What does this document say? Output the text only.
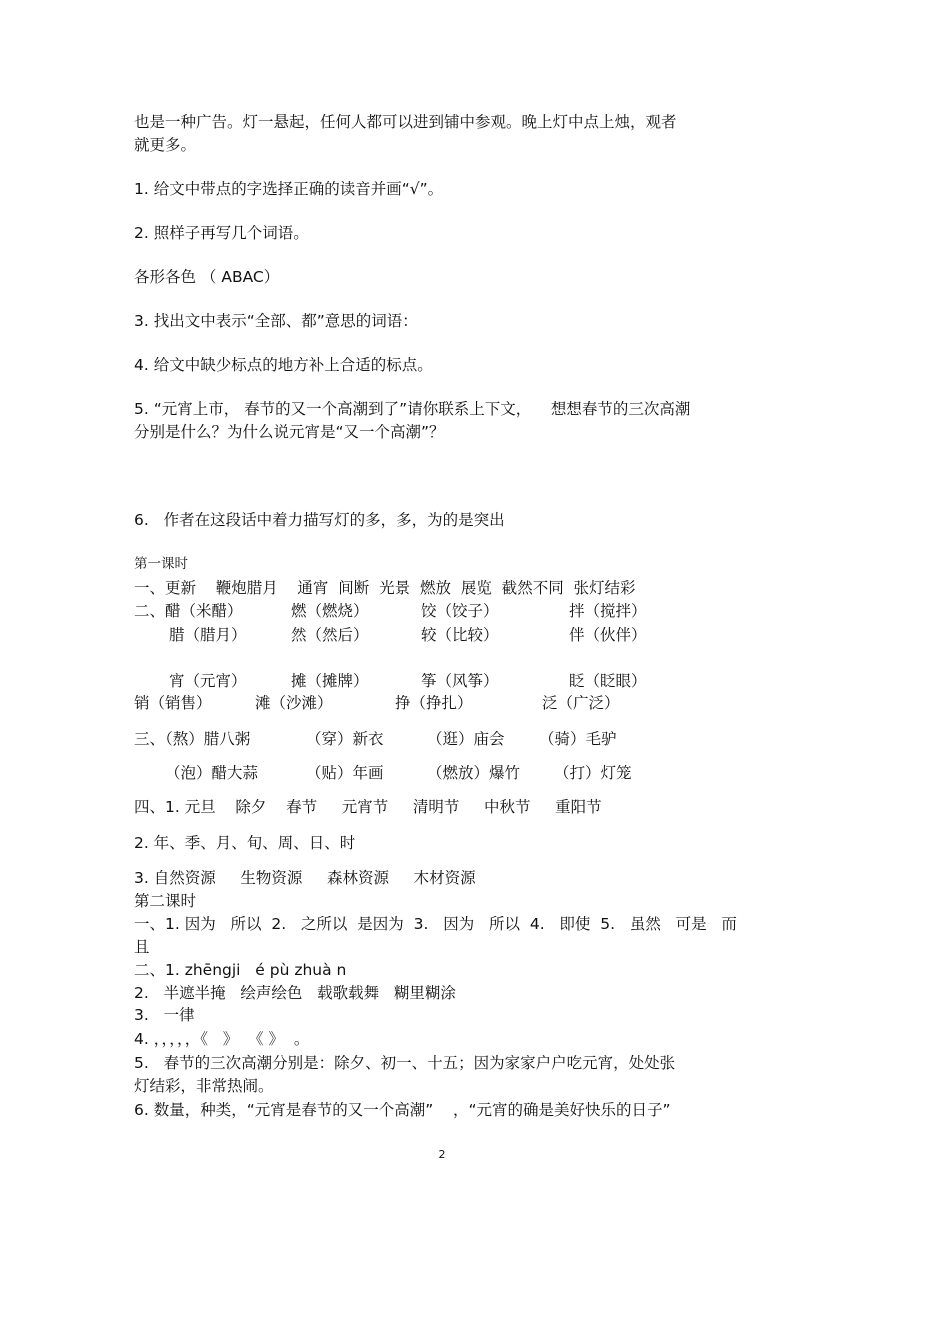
也是一种广告。灯一悬起，任何人都可以进到铺中参观。晚上灯中点上烛，观者
就更多。
1. 给文中带点的字选择正确的读音并画“√”。
2. 照样子再写几个词语。
各形各色 （ ABAC）
3. 找出文中表示“全部、都”意思的词语：
4. 给文中缺少标点的地方补上合适的标点。
5. “元宵上市， 春节的又一个高潮到了”请你联系上下文，    想想春节的三次高潮
分别是什么？为什么说元宵是“又一个高潮”？
6.   作者在这段话中着力描写灯的多，多，为的是突出
第一课时
一、更新    鞭炮腊月    通宵  间断  光景  燃放  展览  截然不同  张灯结彩
二、醋（米醋）	燃（燃烧）	饺（饺子）	拌（搅拌）
腊（腊月）	然（然后）	较（比较）	伴（伙伴）
宵（元宵）	摊（摊牌）	筝（风筝）	眨（眨眼）
销（销售）	滩（沙滩）	挣（挣扎）	泛（广泛）
三、（熬）腊八粥	（穿）新衣	（逛）庙会 （骑）毛驴
（泡）醋大蒜	（贴）年画	（燃放）爆竹 （打）灯笼
四、1. 元旦    除夕    春节     元宵节     清明节     中秋节     重阳节
2. 年、季、月、旬、周、日、时
3. 自然资源     生物资源     森林资源     木材资源
第二课时
一、1. 因为   所以  2.   之所以  是因为  3.   因为   所以  4.   即使  5.   虽然   可是   而
且
二、1. zhēngji   é pù zhuà n
2.   半遮半掩   绘声绘色   载歌载舞   糊里糊涂
3.   一律
4. ，，，，，《   》  《 》  。
5.   春节的三次高潮分别是：除夕、初一、十五；因为家家户户吃元宵，处处张
灯结彩，非常热闹。
6. 数量，种类，“元宵是春节的又一个高潮”    ，“元宵的确是美好快乐的日子”
2
